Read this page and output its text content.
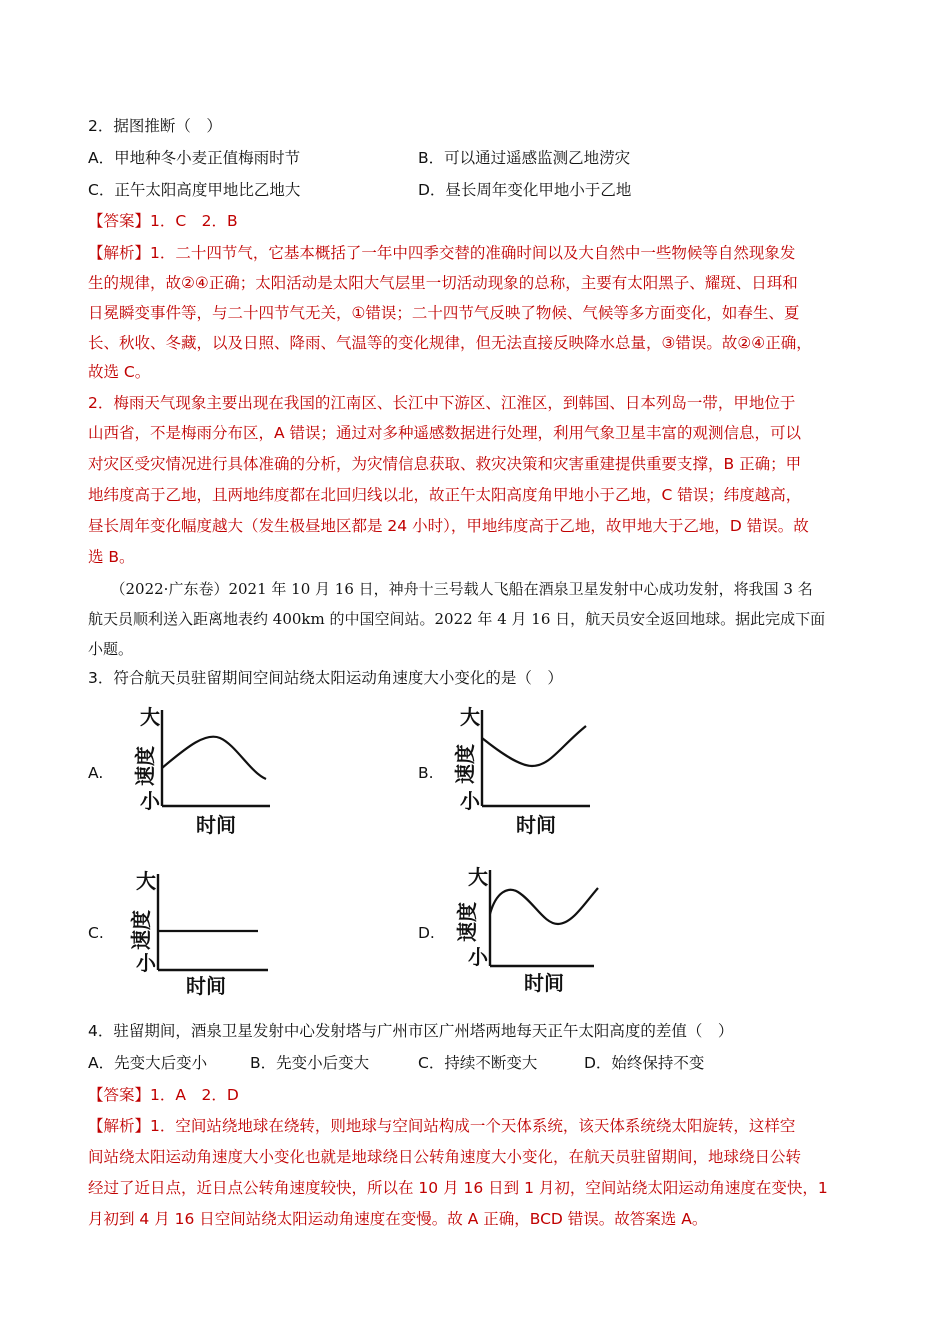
2．据图推断（　）
A．甲地种冬小麦正值梅雨时节	B．可以通过遥感监测乙地涝灾
C．正午太阳高度甲地比乙地大	D．昼长周年变化甲地小于乙地
【答案】1．C　2．B
【解析】1．二十四节气，它基本概括了一年中四季交替的准确时间以及大自然中一些物候等自然现象发
生的规律，故②④正确；太阳活动是太阳大气层里一切活动现象的总称，主要有太阳黑子、耀斑、日珥和
日冕瞬变事件等，与二十四节气无关，①错误；二十四节气反映了物候、气候等多方面变化，如春生、夏
长、秋收、冬藏，以及日照、降雨、气温等的变化规律，但无法直接反映降水总量，③错误。故②④正确，
故选 C。
2．梅雨天气现象主要出现在我国的江南区、长江中下游区、江淮区，到韩国、日本列岛一带，甲地位于
山西省，不是梅雨分布区，A 错误；通过对多种遥感数据进行处理，利用气象卫星丰富的观测信息，可以
对灾区受灾情况进行具体准确的分析，为灾情信息获取、救灾决策和灾害重建提供重要支撑，B 正确；甲
地纬度高于乙地，且两地纬度都在北回归线以北，故正午太阳高度角甲地小于乙地，C 错误；纬度越高，
昼长周年变化幅度越大（发生极昼地区都是 24 小时），甲地纬度高于乙地，故甲地大于乙地，D 错误。故
选 B。
　　（2022·广东卷）2021 年 10 月 16 日，神舟十三号载人飞船在酒泉卫星发射中心成功发射，将我国 3 名
航天员顺利送入距离地表约 400km 的中国空间站。2022 年 4 月 16 日，航天员安全返回地球。据此完成下面
小题。
3．符合航天员驻留期间空间站绕太阳运动角速度大小变化的是（　）
A.	B.
C.	D.
大
小
速度
时间
大
小
速度
时间
大
小
速度
时间
大
小
速度
时间
4．驻留期间，酒泉卫星发射中心发射塔与广州市区广州塔两地每天正午太阳高度的差值（　）
A．先变大后变小	B．先变小后变大	C．持续不断变大	D．始终保持不变
【答案】1．A　2．D
【解析】1．空间站绕地球在绕转，则地球与空间站构成一个天体系统，该天体系统绕太阳旋转，这样空
间站绕太阳运动角速度大小变化也就是地球绕日公转角速度大小变化，在航天员驻留期间，地球绕日公转
经过了近日点，近日点公转角速度较快，所以在 10 月 16 日到 1 月初，空间站绕太阳运动角速度在变快，1
月初到 4 月 16 日空间站绕太阳运动角速度在变慢。故 A 正确，BCD 错误。故答案选 A。
